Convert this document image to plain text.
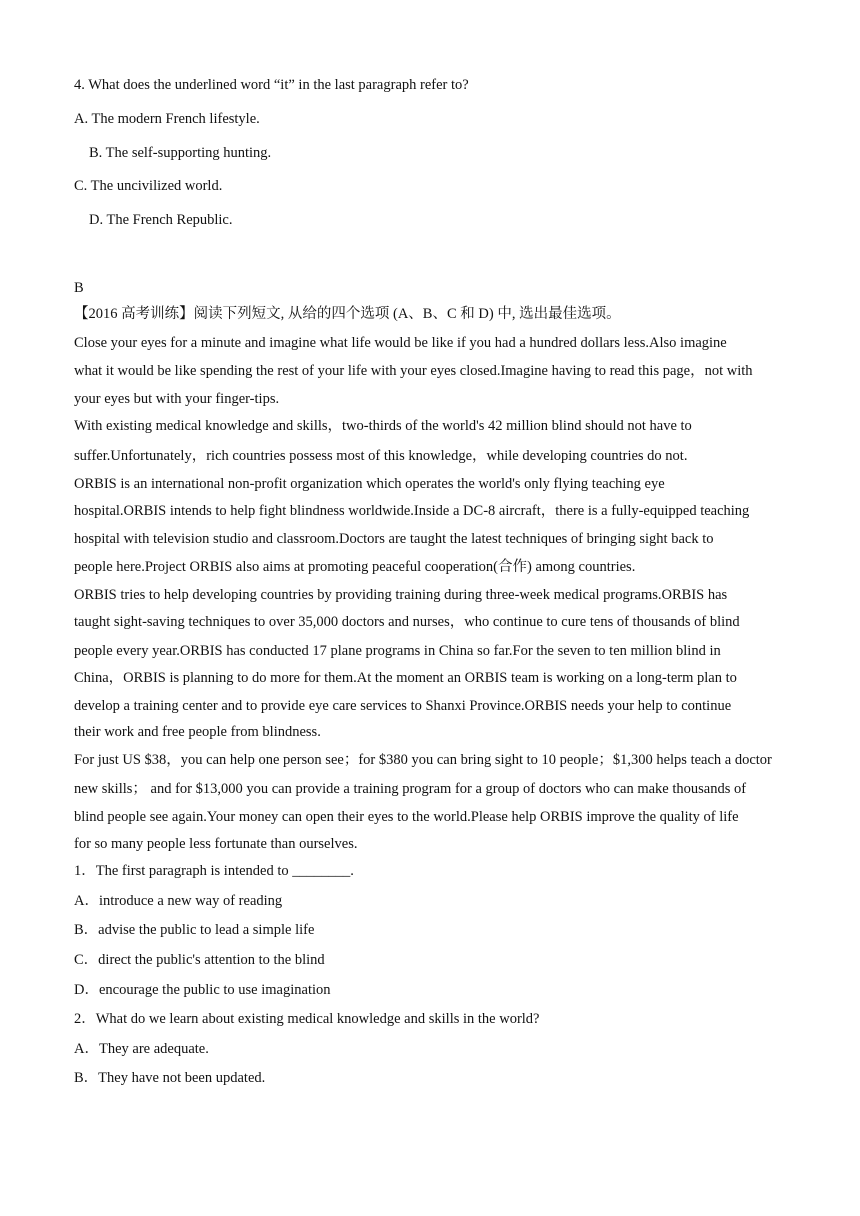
4. What does the underlined word “it” in the last paragraph refer to?
A. The modern French lifestyle.
B. The self-supporting hunting.
C. The uncivilized world.
D. The French Republic.
B
【2016 高考训练】阅读下列短文, 从给的四个选项 (A、B、C 和 D) 中, 选出最佳选项。
Close your eyes for a minute and imagine what life would be like if you had a hundred dollars less.Also imagine
what it would be like spending the rest of your life with your eyes closed.Imagine having to read this page，not with
your eyes but with your finger-tips.
With existing medical knowledge and skills，two-thirds of the world's 42 million blind should not have to
suffer.Unfortunately，rich countries possess most of this knowledge，while developing countries do not.
ORBIS is an international non-profit organization which operates the world's only flying teaching eye
hospital.ORBIS intends to help fight blindness worldwide.Inside a DC-8 aircraft，there is a fully-equipped teaching
hospital with television studio and classroom.Doctors are taught the latest techniques of bringing sight back to
people here.Project ORBIS also aims at promoting peaceful cooperation(合作) among countries.
ORBIS tries to help developing countries by providing training during three-week medical programs.ORBIS has
taught sight-saving techniques to over 35,000 doctors and nurses，who continue to cure tens of thousands of blind
people every year.ORBIS has conducted 17 plane programs in China so far.For the seven to ten million blind in
China，ORBIS is planning to do more for them.At the moment an ORBIS team is working on a long-term plan to
develop a training center and to provide eye care services to Shanxi Province.ORBIS needs your help to continue
their work and free people from blindness.
For just US $38，you can help one person see；for $380 you can bring sight to 10 people；$1,300 helps teach a doctor
new skills； and for $13,000 you can provide a training program for a group of doctors who can make thousands of
blind people see again.Your money can open their eyes to the world.Please help ORBIS improve the quality of life
for so many people less fortunate than ourselves.
1．The first paragraph is intended to ________.
A．introduce a new way of reading
B．advise the public to lead a simple life
C．direct the public's attention to the blind
D．encourage the public to use imagination
2．What do we learn about existing medical knowledge and skills in the world?
A．They are adequate.
B．They have not been updated.
